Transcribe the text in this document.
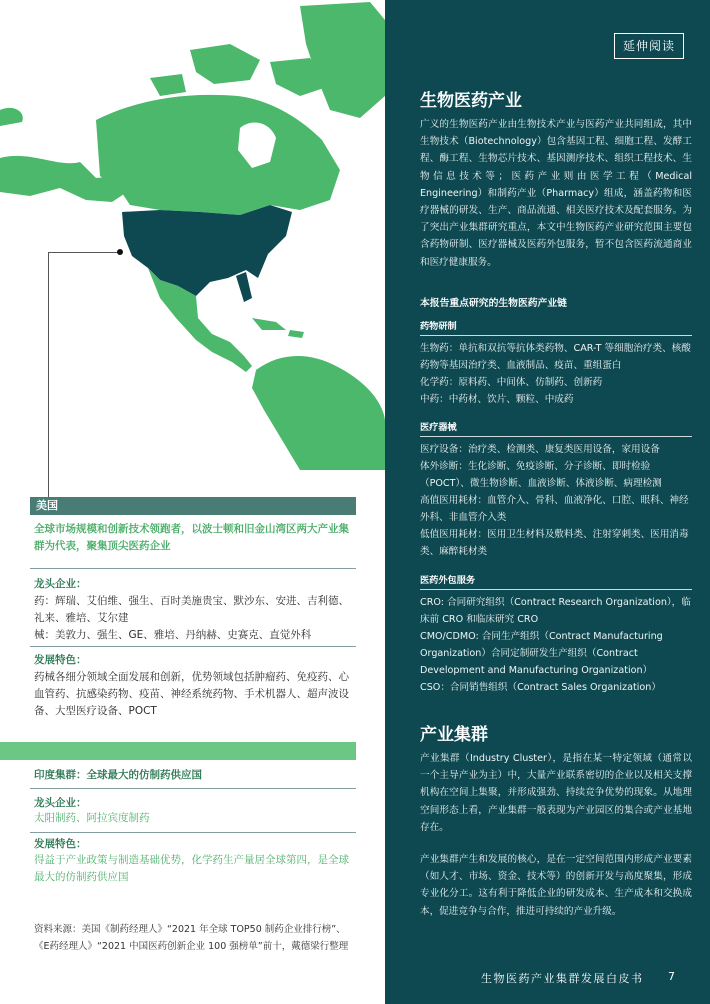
美国
全球市场规模和创新技术领跑者，以波士顿和旧金山湾区两大产业集群为代表，聚集顶尖医药企业
龙头企业：
药：辉瑞、艾伯维、强生、百时美施贵宝、默沙东、安进、吉利德、礼来、雅培、艾尔建
械：美敦力、强生、GE、雅培、丹纳赫、史赛克、直觉外科
发展特色：
药械各细分领域全面发展和创新，优势领域包括肿瘤药、免疫药、心血管药、抗感染药物、疫苗、神经系统药物、手术机器人、超声波设备、大型医疗设备、POCT
印度集群：全球最大的仿制药供应国
龙头企业：
太阳制药、阿拉宾度制药
发展特色：
得益于产业政策与制造基础优势，化学药生产量居全球第四，是全球最大的仿制药供应国
资料来源：美国《制药经理人》“2021 年全球 TOP50 制药企业排行榜”、《E药经理人》“2021 中国医药创新企业 100 强榜单”前十，戴德梁行整理
延伸阅读
生物医药产业
广义的生物医药产业由生物技术产业与医药产业共同组成，其中生物技术（Biotechnology）包含基因工程、细胞工程、发酵工程、酶工程、生物芯片技术、基因测序技术、组织工程技术、生物信息技术等；医药产业则由医学工程（Medical Engineering）和制药产业（Pharmacy）组成，涵盖药物和医疗器械的研发、生产、商品流通、相关医疗技术及配套服务。为了突出产业集群研究重点，本文中生物医药产业研究范围主要包含药物研制、医疗器械及医药外包服务，暂不包含医药流通商业和医疗健康服务。
本报告重点研究的生物医药产业链
药物研制
生物药：单抗和双抗等抗体类药物、CAR-T 等细胞治疗类、核酸药物等基因治疗类、血液制品、疫苗、重组蛋白
化学药：原料药、中间体、仿制药、创新药
中药：中药材、饮片、颗粒、中成药
医疗器械
医疗设备：治疗类、检测类、康复类医用设备，家用设备
体外诊断：生化诊断、免疫诊断、分子诊断、即时检验（POCT）、微生物诊断、血液诊断、体液诊断、病理检测
高值医用耗材：血管介入、骨科、血液净化、口腔、眼科、神经外科、非血管介入类
低值医用耗材：医用卫生材料及敷料类、注射穿刺类、医用消毒类、麻醉耗材类
医药外包服务
CRO: 合同研究组织（Contract Research Organization），临床前 CRO 和临床研究 CRO
CMO/CDMO: 合同生产组织（Contract Manufacturing Organization）合同定制研发生产组织（Contract Development and Manufacturing Organization）
CSO：合同销售组织（Contract Sales Organization）
产业集群
产业集群（Industry Cluster），是指在某一特定领域（通常以一个主导产业为主）中，大量产业联系密切的企业以及相关支撑机构在空间上集聚，并形成强劲、持续竞争优势的现象。从地理空间形态上看，产业集群一般表现为产业园区的集合或产业基地存在。
产业集群产生和发展的核心，是在一定空间范围内形成产业要素（如人才、市场、资金、技术等）的创新开发与高度聚集，形成专业化分工。这有利于降低企业的研发成本、生产成本和交换成本，促进竞争与合作，推进可持续的产业升级。
生物医药产业集群发展白皮书 7
